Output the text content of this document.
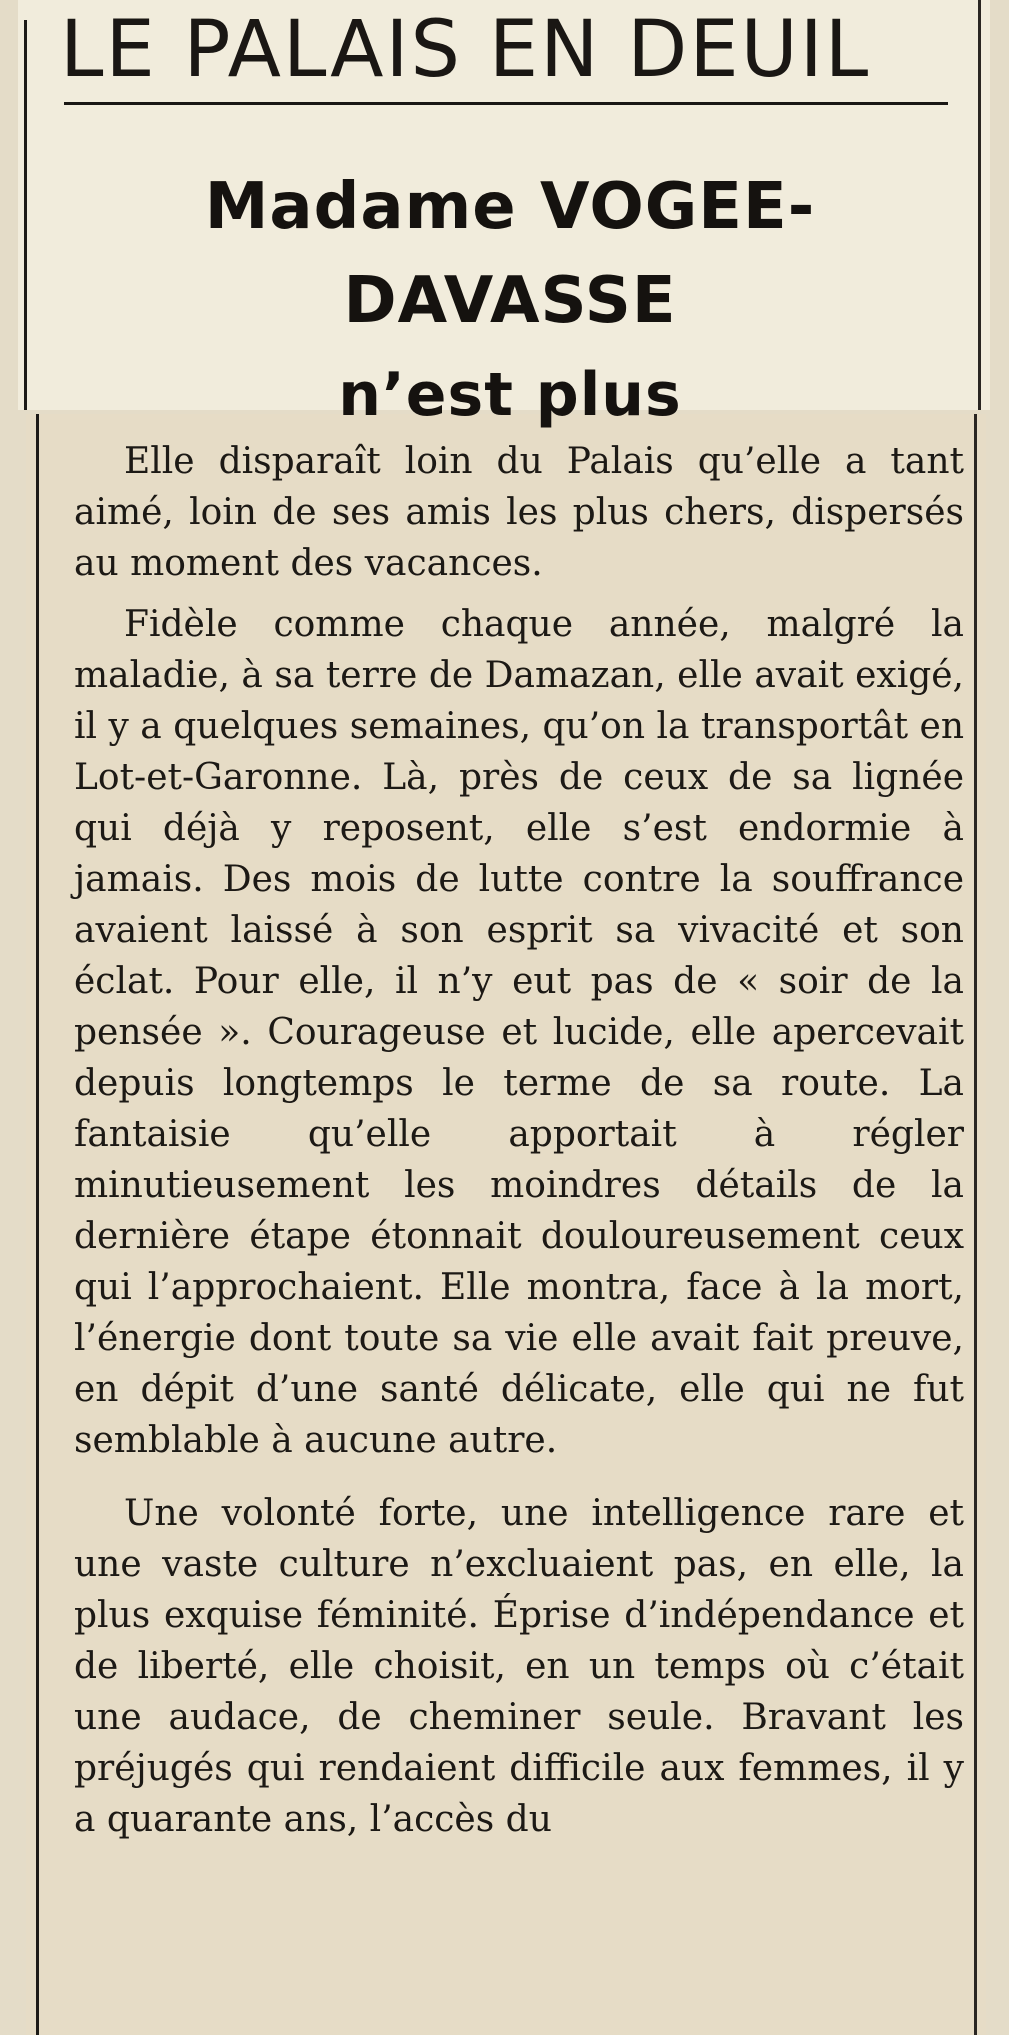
LE PALAIS EN DEUIL
Madame VOGEE-DAVASSE
n’est plus

Elle disparaît loin du Palais qu’elle a tant aimé, loin de ses amis les plus chers, dispersés au moment des vacances.

Fidèle comme chaque année, malgré la maladie, à sa terre de Damazan, elle avait exigé, il y a quelques semaines, qu’on la transportât en Lot-et-Garonne. Là, près de ceux de sa lignée qui déjà y reposent, elle s’est endormie à jamais. Des mois de lutte contre la souffrance avaient laissé à son esprit sa vivacité et son éclat. Pour elle, il n’y eut pas de « soir de la pensée ». Courageuse et lucide, elle apercevait depuis longtemps le terme de sa route. La fantaisie qu’elle apportait à régler minutieusement les moindres détails de la dernière étape étonnait douloureusement ceux qui l’approchaient. Elle montra, face à la mort, l’énergie dont toute sa vie elle avait fait preuve, en dépit d’une santé délicate, elle qui ne fut semblable à aucune autre.

Une volonté forte, une intelligence rare et une vaste culture n’excluaient pas, en elle, la plus exquise féminité. Éprise d’indépendance et de liberté, elle choisit, en un temps où c’était une audace, de cheminer seule. Bravant les préjugés qui rendaient difficile aux femmes, il y a quarante ans, l’accès du
